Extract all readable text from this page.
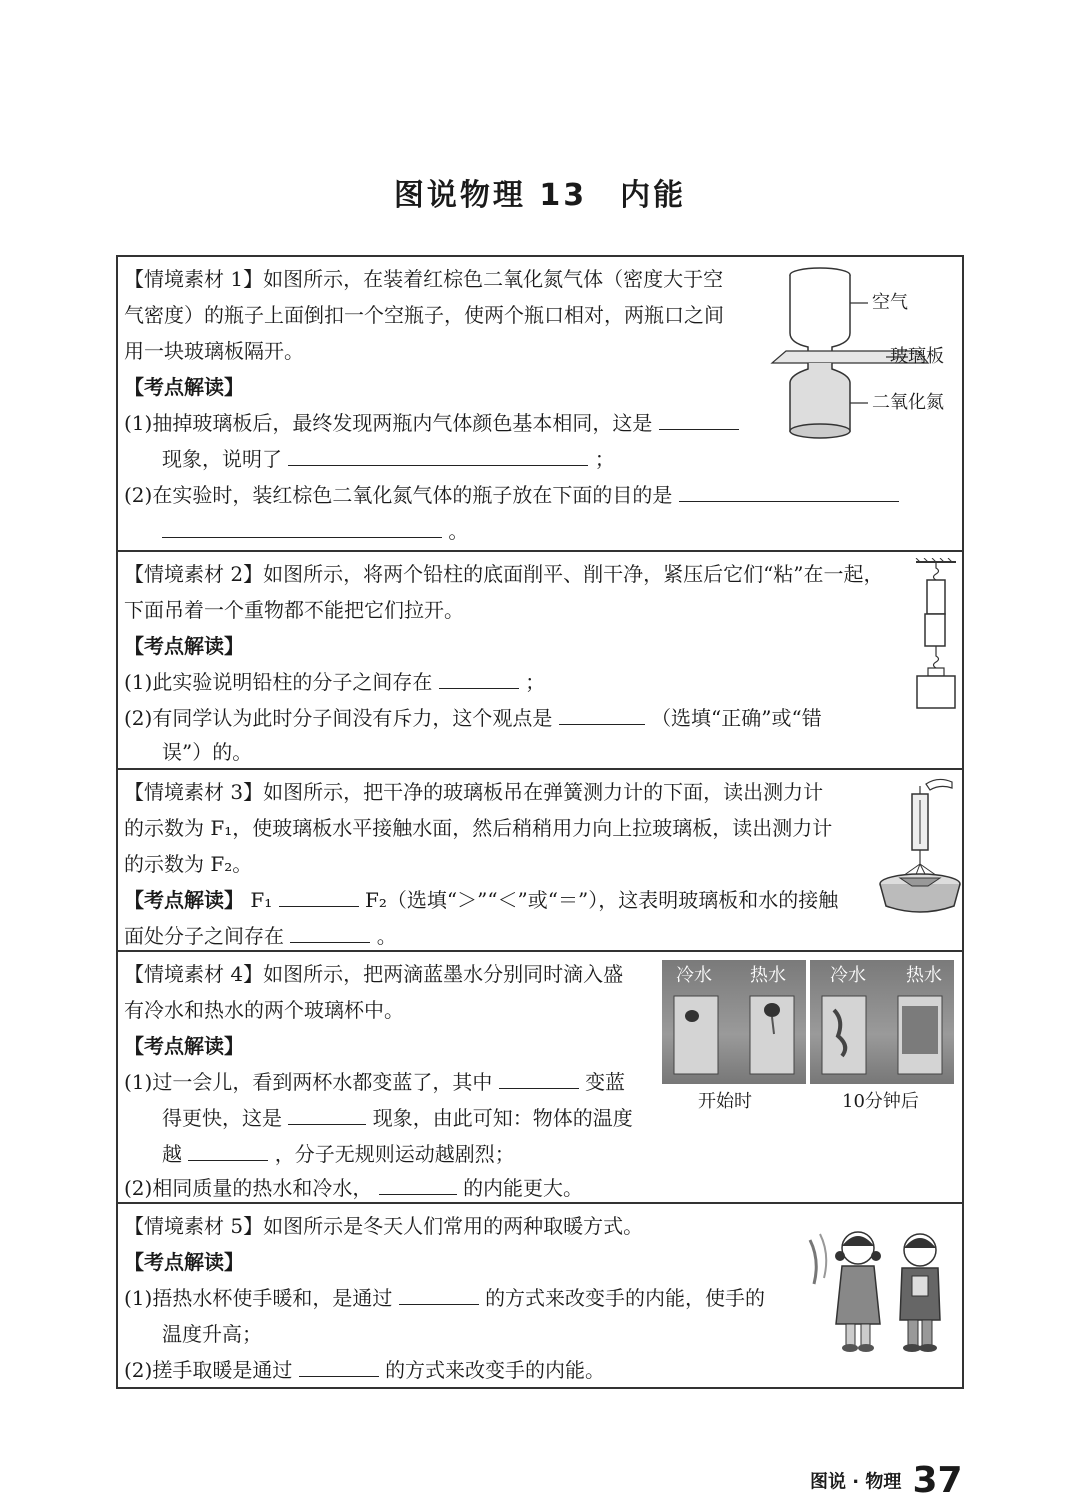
图说物理 13　内能
【情境素材 1】如图所示，在装着红棕色二氧化氮气体（密度大于空
气密度）的瓶子上面倒扣一个空瓶子，使两个瓶口相对，两瓶口之间
用一块玻璃板隔开。
【考点解读】
(1)抽掉玻璃板后，最终发现两瓶内气体颜色基本相同，这是
现象，说明了	；
(2)在实验时，装红棕色二氧化氮气体的瓶子放在下面的目的是
。
空气
玻璃板
二氧化氮
【情境素材 2】如图所示，将两个铅柱的底面削平、削干净，紧压后它们“粘”在一起，
下面吊着一个重物都不能把它们拉开。
【考点解读】
(1)此实验说明铅柱的分子之间存在	；
(2)有同学认为此时分子间没有斥力，这个观点是	（选填“正确”或“错
误”）的。
【情境素材 3】如图所示，把干净的玻璃板吊在弹簧测力计的下面，读出测力计
的示数为 F₁，使玻璃板水平接触水面，然后稍稍用力向上拉玻璃板，读出测力计
的示数为 F₂。
【考点解读】 F₁	F₂（选填“＞”“＜”或“＝”），这表明玻璃板和水的接触
面处分子之间存在	。
【情境素材 4】如图所示，把两滴蓝墨水分别同时滴入盛
有冷水和热水的两个玻璃杯中。
【考点解读】
(1)过一会儿，看到两杯水都变蓝了，其中	变蓝
得更快，这是	现象，由此可知：物体的温度
越	，分子无规则运动越剧烈；
(2)相同质量的热水和冷水，	的内能更大。
冷水 热水 冷水 热水
开始时	10分钟后
【情境素材 5】如图所示是冬天人们常用的两种取暖方式。
【考点解读】
(1)捂热水杯使手暖和，是通过	的方式来改变手的内能，使手的
温度升高；
(2)搓手取暖是通过	的方式来改变手的内能。
图说 · 物理 37
